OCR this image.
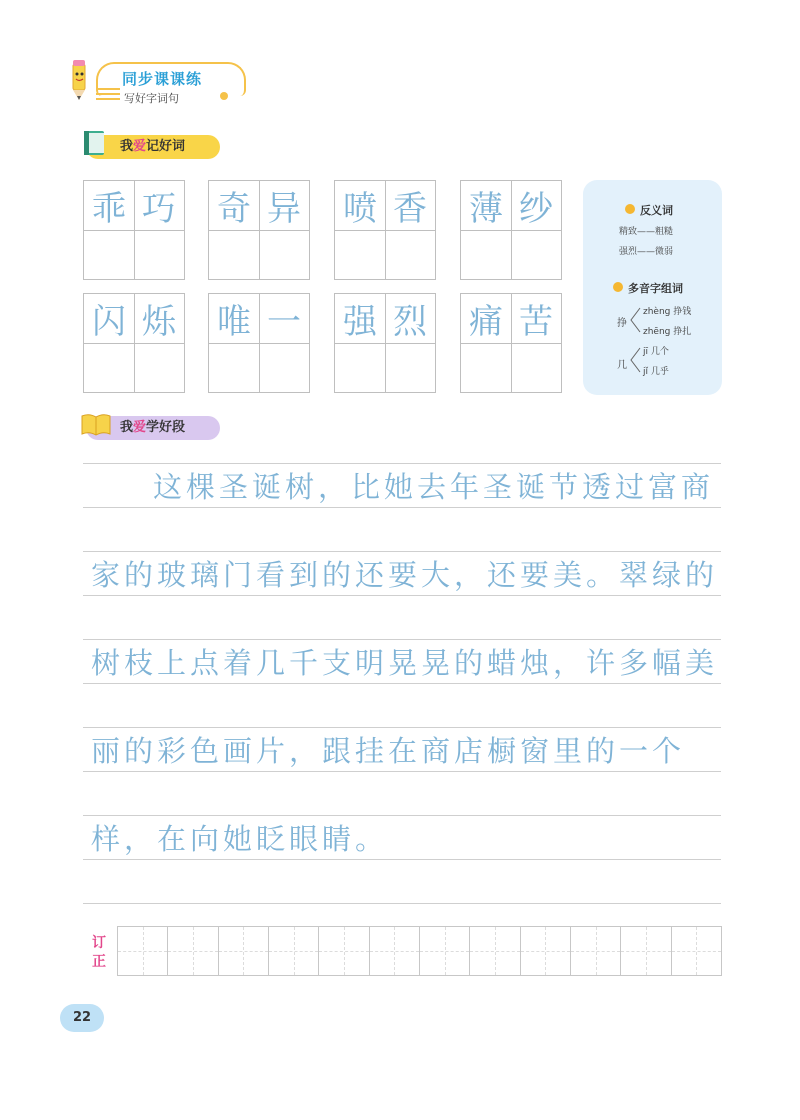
同步课课练
写好字词句
我爱记好词
乖 巧 奇 异 喷 香 薄 纱
闪 烁 唯 一 强 烈 痛 苦
反义词
精致——粗糙
强烈——微弱
多音字组词
挣
zhèng 挣钱
zhēng 挣扎
几
jī 几个
jǐ 几乎
我爱学好段
这棵圣诞树，比她去年圣诞节透过富商
家的玻璃门看到的还要大，还要美。翠绿的
树枝上点着几千支明晃晃的蜡烛，许多幅美
丽的彩色画片，跟挂在商店橱窗里的一个
样，在向她眨眼睛。
订
正
22
